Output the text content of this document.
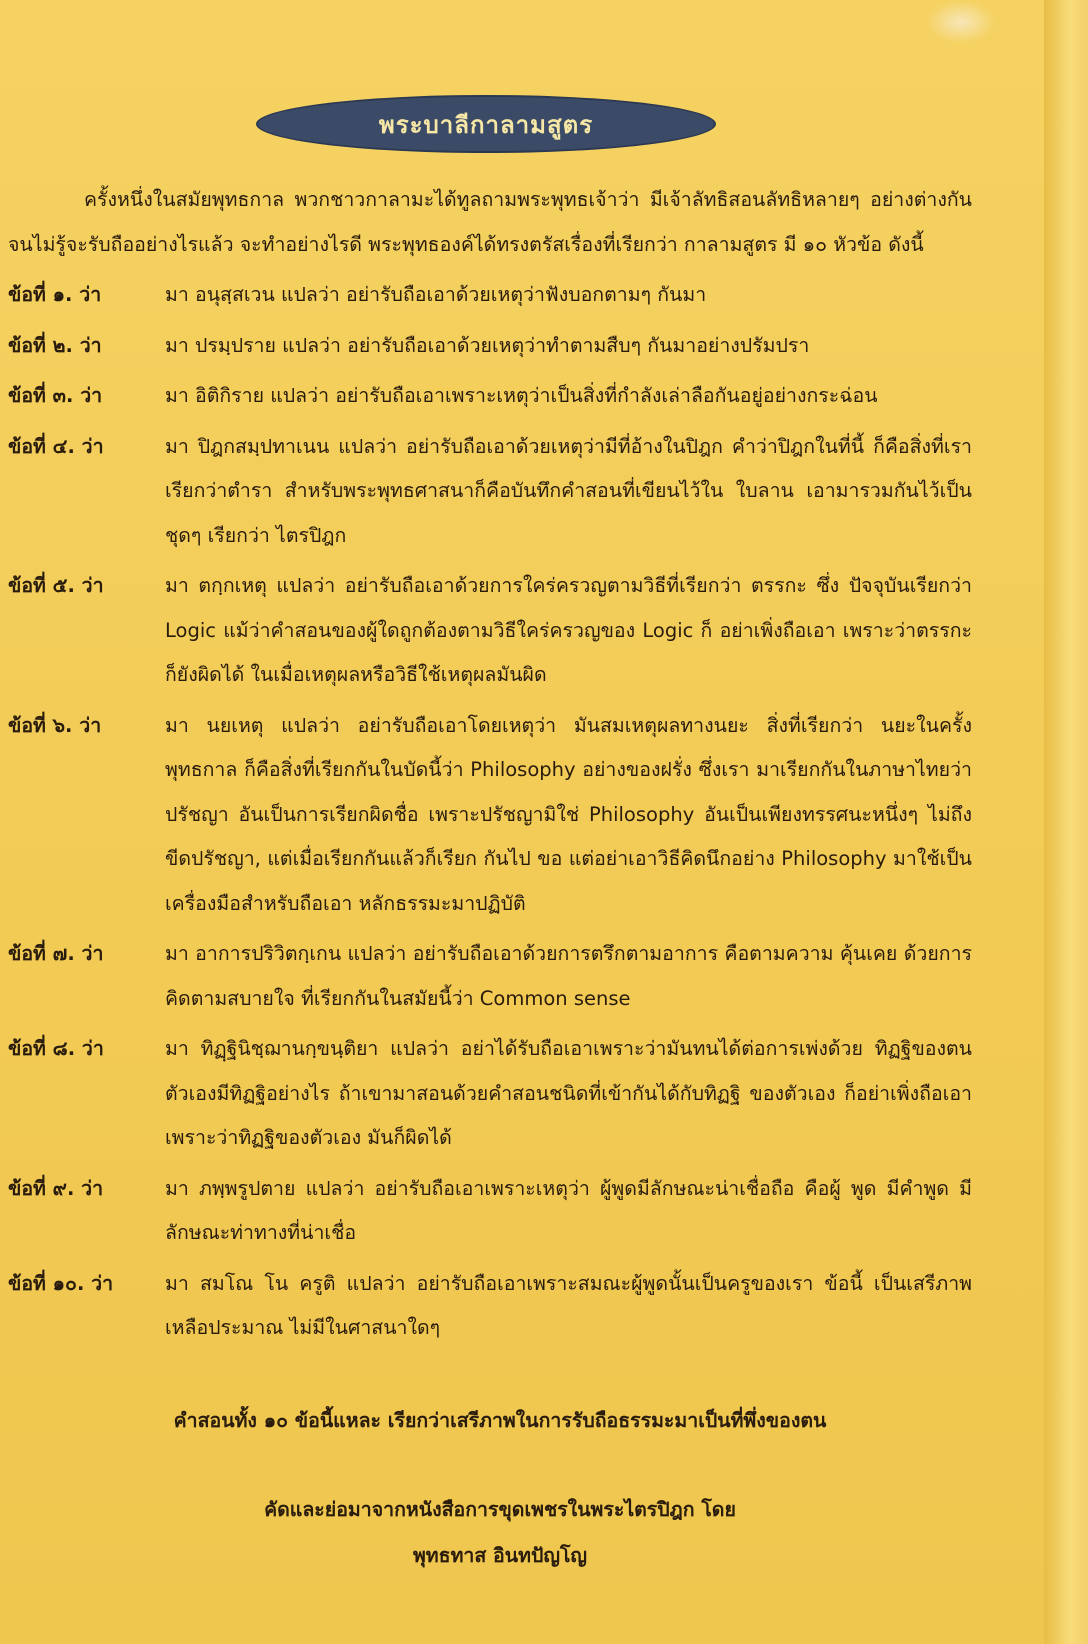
พระบาลีกาลามสูตร

ครั้งหนึ่งในสมัยพุทธกาล พวกชาวกาลามะได้ทูลถามพระพุทธเจ้าว่า มีเจ้าลัทธิสอนลัทธิหลายๆ อย่างต่างกัน จนไม่รู้จะรับถืออย่างไรแล้ว จะทำอย่างไรดี พระพุทธองค์ได้ทรงตรัสเรื่องที่เรียกว่า กาลามสูตร มี ๑๐ หัวข้อ ดังนี้

ข้อที่ ๑. ว่า	มา อนุสฺสเวน แปลว่า อย่ารับถือเอาด้วยเหตุว่าฟังบอกตามๆ กันมา
ข้อที่ ๒. ว่า	มา ปรมฺปราย แปลว่า อย่ารับถือเอาด้วยเหตุว่าทำตามสืบๆ กันมาอย่างปรัมปรา
ข้อที่ ๓. ว่า	มา อิติกิราย แปลว่า อย่ารับถือเอาเพราะเหตุว่าเป็นสิ่งที่กำลังเล่าลือกันอยู่อย่างกระฉ่อน
ข้อที่ ๔. ว่า	มา ปิฎกสมฺปทาเนน แปลว่า อย่ารับถือเอาด้วยเหตุว่ามีที่อ้างในปิฎก คำว่าปิฎกในที่นี้ ก็คือสิ่งที่เราเรียกว่าตำรา สำหรับพระพุทธศาสนาก็คือบันทึกคำสอนที่เขียนไว้ใน ใบลาน เอามารวมกันไว้เป็นชุดๆ เรียกว่า ไตรปิฎก
ข้อที่ ๕. ว่า	มา ตกฺกเหตุ แปลว่า อย่ารับถือเอาด้วยการใคร่ครวญตามวิธีที่เรียกว่า ตรรกะ ซึ่ง ปัจจุบันเรียกว่า Logic แม้ว่าคำสอนของผู้ใดถูกต้องตามวิธีใคร่ครวญของ Logic ก็ อย่าเพิ่งถือเอา เพราะว่าตรรกะก็ยังผิดได้ ในเมื่อเหตุผลหรือวิธีใช้เหตุผลมันผิด
ข้อที่ ๖. ว่า	มา นยเหตุ แปลว่า อย่ารับถือเอาโดยเหตุว่า มันสมเหตุผลทางนยะ สิ่งที่เรียกว่า นยะในครั้งพุทธกาล ก็คือสิ่งที่เรียกกันในบัดนี้ว่า Philosophy อย่างของฝรั่ง ซึ่งเรา มาเรียกกันในภาษาไทยว่า ปรัชญา อันเป็นการเรียกผิดชื่อ เพราะปรัชญามิใช่ Philosophy อันเป็นเพียงทรรศนะหนึ่งๆ ไม่ถึงขีดปรัชญา, แต่เมื่อเรียกกันแล้วก็เรียก กันไป ขอ แต่อย่าเอาวิธีคิดนึกอย่าง Philosophy มาใช้เป็นเครื่องมือสำหรับถือเอา หลักธรรมะมาปฏิบัติ
ข้อที่ ๗. ว่า	มา อาการปริวิตกฺเกน แปลว่า อย่ารับถือเอาด้วยการตรึกตามอาการ คือตามความ คุ้นเคย ด้วยการคิดตามสบายใจ ที่เรียกกันในสมัยนี้ว่า Common sense
ข้อที่ ๘. ว่า	มา ทิฏฺฐินิชฺฌานกฺขนฺติยา แปลว่า อย่าได้รับถือเอาเพราะว่ามันทนได้ต่อการเพ่งด้วย ทิฏฐิของตน ตัวเองมีทิฏฐิอย่างไร ถ้าเขามาสอนด้วยคำสอนชนิดที่เข้ากันได้กับทิฏฐิ ของตัวเอง ก็อย่าเพิ่งถือเอาเพราะว่าทิฏฐิของตัวเอง มันก็ผิดได้
ข้อที่ ๙. ว่า	มา ภพฺพรูปตาย แปลว่า อย่ารับถือเอาเพราะเหตุว่า ผู้พูดมีลักษณะน่าเชื่อถือ คือผู้ พูด มีคำพูด มีลักษณะท่าทางที่น่าเชื่อ
ข้อที่ ๑๐. ว่า	มา สมโณ โน ครูติ แปลว่า อย่ารับถือเอาเพราะสมณะผู้พูดนั้นเป็นครูของเรา ข้อนี้ เป็นเสรีภาพเหลือประมาณ ไม่มีในศาสนาใดๆ
คำสอนทั้ง ๑๐ ข้อนี้แหละ เรียกว่าเสรีภาพในการรับถือธรรมะมาเป็นที่พึ่งของตน
คัดและย่อมาจากหนังสือการขุดเพชรในพระไตรปิฎก โดย
พุทธทาส อินทปัญโญ
